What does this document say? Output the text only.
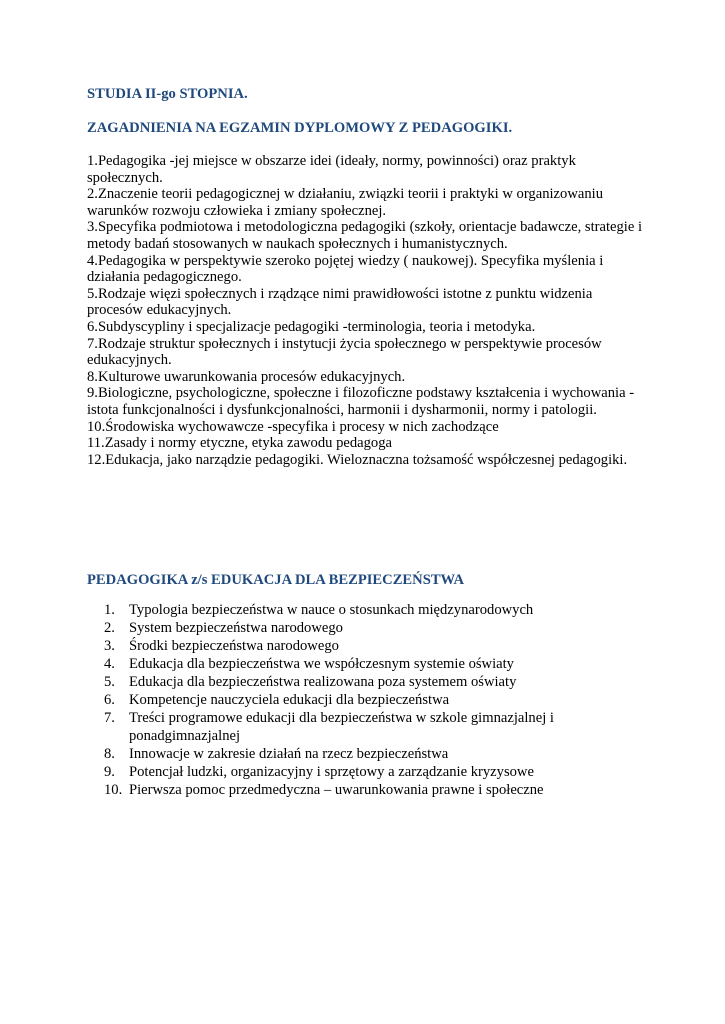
STUDIA II-go STOPNIA.
ZAGADNIENIA NA EGZAMIN DYPLOMOWY Z PEDAGOGIKI.
1.Pedagogika -jej miejsce w obszarze idei (ideały, normy, powinności) oraz praktyk społecznych.
2.Znaczenie teorii pedagogicznej w działaniu, związki teorii i praktyki w organizowaniu warunków rozwoju człowieka i zmiany społecznej.
3.Specyfika podmiotowa i metodologiczna pedagogiki (szkoły, orientacje badawcze, strategie i metody badań stosowanych w naukach społecznych i humanistycznych.
4.Pedagogika w perspektywie szeroko pojętej wiedzy ( naukowej). Specyfika myślenia i działania pedagogicznego.
5.Rodzaje więzi społecznych i rządzące nimi prawidłowości istotne z punktu widzenia procesów edukacyjnych.
6.Subdyscypliny i specjalizacje pedagogiki -terminologia, teoria i metodyka.
7.Rodzaje struktur społecznych i instytucji życia społecznego w perspektywie procesów edukacyjnych.
8.Kulturowe uwarunkowania procesów edukacyjnych.
9.Biologiczne, psychologiczne, społeczne i filozoficzne podstawy kształcenia i wychowania - istota funkcjonalności i dysfunkcjonalności, harmonii i dysharmonii, normy i patologii.
10.Środowiska wychowawcze -specyfika i procesy w nich zachodzące
11.Zasady i normy etyczne, etyka zawodu pedagoga
12.Edukacja, jako narządzie pedagogiki. Wieloznaczna tożsamość współczesnej pedagogiki.
PEDAGOGIKA z/s EDUKACJA DLA BEZPIECZEŃSTWA
1. Typologia bezpieczeństwa w nauce o stosunkach międzynarodowych
2. System bezpieczeństwa narodowego
3. Środki bezpieczeństwa narodowego
4. Edukacja dla bezpieczeństwa we współczesnym systemie oświaty
5. Edukacja dla bezpieczeństwa realizowana poza systemem oświaty
6. Kompetencje nauczyciela edukacji dla bezpieczeństwa
7. Treści programowe edukacji dla bezpieczeństwa w szkole gimnazjalnej i ponadgimnazjalnej
8. Innowacje w zakresie działań na rzecz bezpieczeństwa
9. Potencjał ludzki, organizacyjny i sprzętowy a zarządzanie kryzysowe
10. Pierwsza pomoc przedmedyczna – uwarunkowania prawne i społeczne
